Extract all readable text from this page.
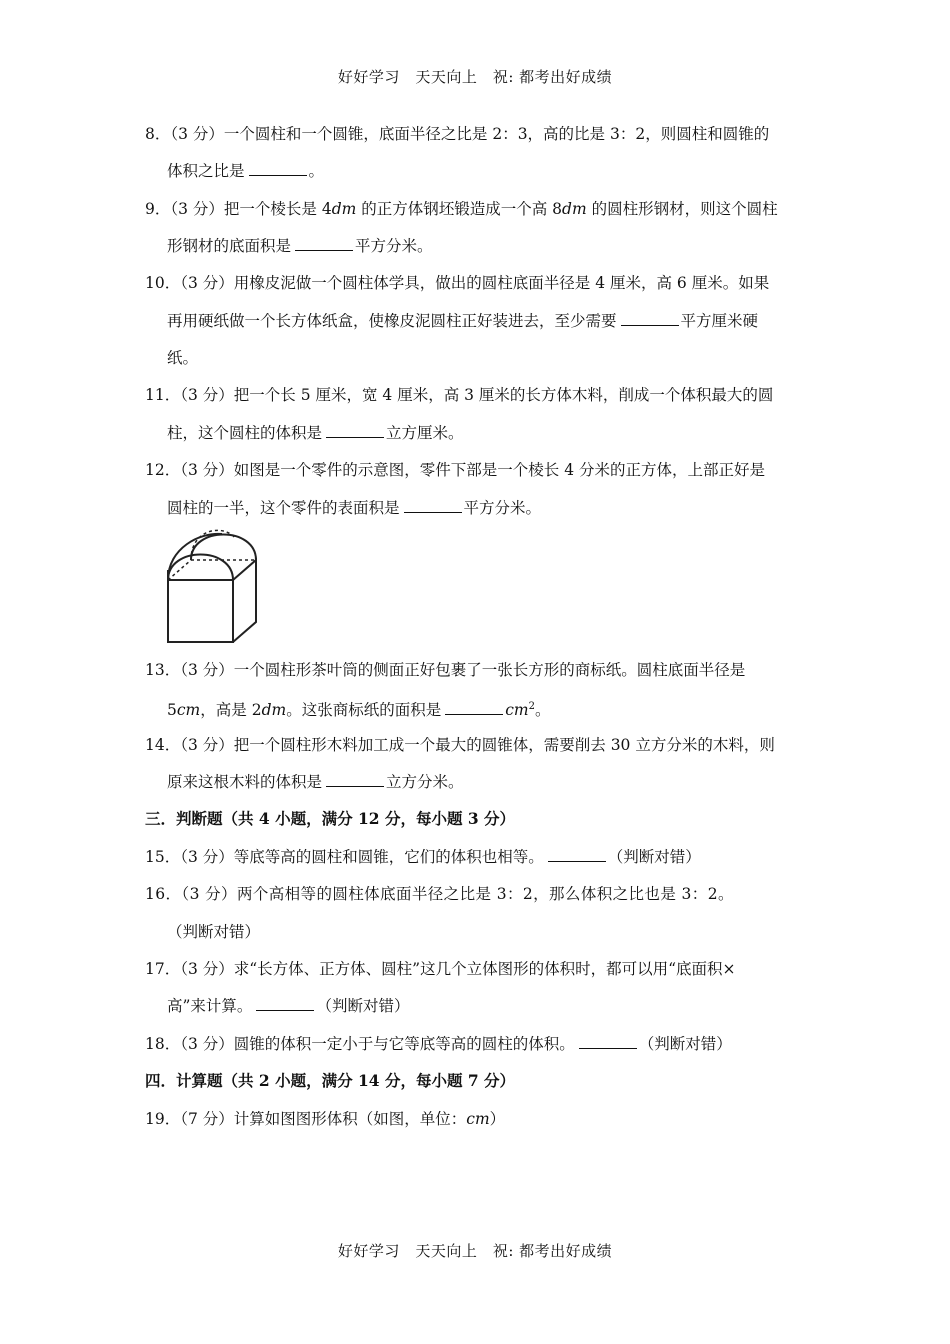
好好学习　天天向上　祝: 都考出好成绩
8．（3 分）一个圆柱和一个圆锥，底面半径之比是 2：3，高的比是 3：2，则圆柱和圆锥的
体积之比是	。
9．（3 分）把一个棱长是 4dm 的正方体钢坯锻造成一个高 8dm 的圆柱形钢材，则这个圆柱
形钢材的底面积是	平方分米。
10．（3 分）用橡皮泥做一个圆柱体学具，做出的圆柱底面半径是 4 厘米，高 6 厘米。如果
再用硬纸做一个长方体纸盒，使橡皮泥圆柱正好装进去，至少需要	平方厘米硬
纸。
11．（3 分）把一个长 5 厘米，宽 4 厘米，高 3 厘米的长方体木料，削成一个体积最大的圆
柱，这个圆柱的体积是	立方厘米。
12．（3 分）如图是一个零件的示意图，零件下部是一个棱长 4 分米的正方体，上部正好是
圆柱的一半，这个零件的表面积是	平方分米。
13．（3 分）一个圆柱形茶叶筒的侧面正好包裹了一张长方形的商标纸。圆柱底面半径是
5cm，高是 2dm。这张商标纸的面积是	$cm^2$。
14．（3 分）把一个圆柱形木料加工成一个最大的圆锥体，需要削去 30 立方分米的木料，则
原来这根木料的体积是	立方分米。
三．判断题（共 4 小题，满分 12 分，每小题 3 分）
15．（3 分）等底等高的圆柱和圆锥，它们的体积也相等。	（判断对错）
16．（3 分）两个高相等的圆柱体底面半径之比是 3：2，那么体积之比也是 3：2。
（判断对错）
17．（3 分）求“长方体、正方体、圆柱”这几个立体图形的体积时，都可以用“底面积×
高”来计算。	（判断对错）
18．（3 分）圆锥的体积一定小于与它等底等高的圆柱的体积。	（判断对错）
四．计算题（共 2 小题，满分 14 分，每小题 7 分）
19．（7 分）计算如图图形体积（如图，单位：cm）
好好学习　天天向上　祝: 都考出好成绩
